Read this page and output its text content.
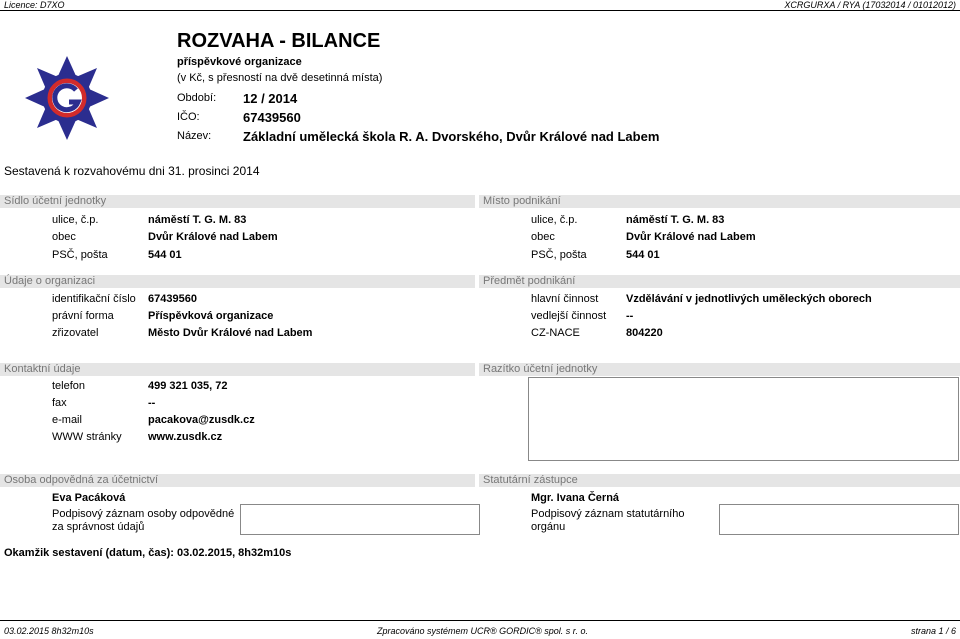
Licence: D7XO	XCRGURXA / RYA (17032014 / 01012012)
ROZVAHA - BILANCE
příspěvkové organizace
(v Kč, s přesností na dvě desetinná místa)
Období:	12 / 2014
IČO:	67439560
Název:	Základní umělecká škola R. A. Dvorského, Dvůr Králové nad Labem
Sestavená k rozvahovému dni 31. prosinci 2014
Sídlo účetní jednotky	Místo podnikání
ulice, č.p.	náměstí T. G. M. 83
obec	Dvůr Králové nad Labem
PSČ, pošta	544 01
ulice, č.p.	náměstí T. G. M. 83
obec	Dvůr Králové nad Labem
PSČ, pošta	544 01
Údaje o organizaci	Předmět podnikání
identifikační číslo 67439560
právní forma	Příspěvková organizace
zřizovatel	Město Dvůr Králové nad Labem
hlavní činnost	Vzdělávání v jednotlivých uměleckých oborech
vedlejší činnost --
CZ-NACE	804220
Kontaktní údaje	Razítko účetní jednotky
telefon	499 321 035, 72
fax	--
e-mail	pacakova@zusdk.cz
WWW stránky www.zusdk.cz
Osoba odpovědná za účetnictví	Statutární zástupce
Eva Pacáková
Podpisový záznam osoby odpovědné
za správnost údajů
Mgr. Ivana Černá
Podpisový záznam statutárního
orgánu
Okamžik sestavení (datum, čas): 03.02.2015, 8h32m10s
03.02.2015 8h32m10s	Zpracováno systémem UCR® GORDIC® spol. s r. o.	strana 1 / 6
